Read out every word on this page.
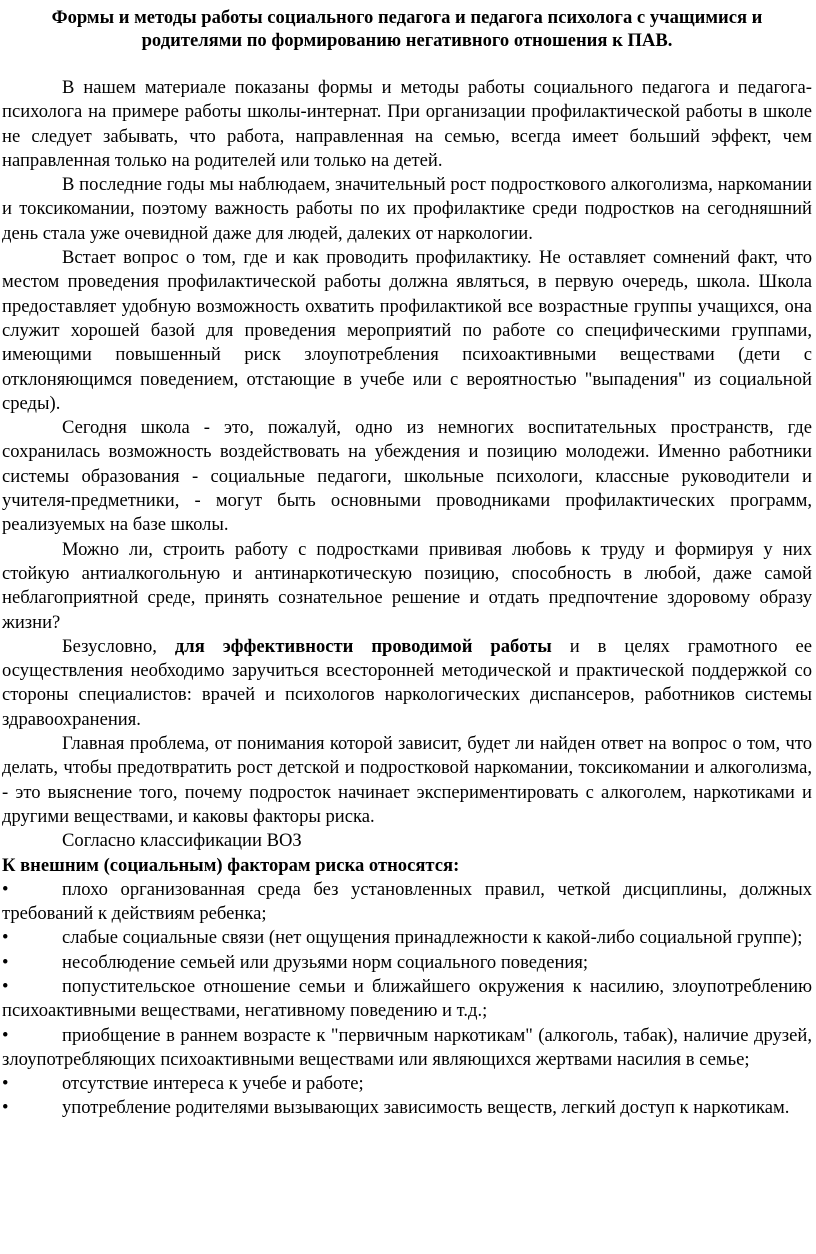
Формы и методы работы социального педагога и педагога психолога с учащимися и родителями по формированию негативного отношения к ПАВ.

В нашем материале показаны формы и методы работы социального педагога и педагога-психолога на примере работы школы-интернат. При организации профилактической работы в школе не следует забывать, что работа, направленная на семью, всегда имеет больший эффект, чем направленная только на родителей или только на детей.

В последние годы мы наблюдаем, значительный рост подросткового алкоголизма, наркомании и токсикомании, поэтому важность работы по их профилактике среди подростков на сегодняшний день стала уже очевидной даже для людей, далеких от наркологии.

Встает вопрос о том, где и как проводить профилактику. Не оставляет сомнений факт, что местом проведения профилактической работы должна являться, в первую очередь, школа. Школа предоставляет удобную возможность охватить профилактикой все возрастные группы учащихся, она служит хорошей базой для проведения мероприятий по работе со специфическими группами, имеющими повышенный риск злоупотребления психоактивными веществами (дети с отклоняющимся поведением, отстающие в учебе или с вероятностью "выпадения" из социальной среды).

Сегодня школа - это, пожалуй, одно из немногих воспитательных пространств, где сохранилась возможность воздействовать на убеждения и позицию молодежи. Именно работники системы образования - социальные педагоги, школьные психологи, классные руководители и учителя-предметники, - могут быть основными проводниками профилактических программ, реализуемых на базе школы.

Можно ли, строить работу с подростками прививая любовь к труду и формируя у них стойкую антиалкогольную и антинаркотическую позицию, способность в любой, даже самой неблагоприятной среде, принять сознательное решение и отдать предпочтение здоровому образу жизни?

Безусловно, для эффективности проводимой работы и в целях грамотного ее осуществления необходимо заручиться всесторонней методической и практической поддержкой со стороны специалистов: врачей и психологов наркологических диспансеров, работников системы здравоохранения.

Главная проблема, от понимания которой зависит, будет ли найден ответ на вопрос о том, что делать, чтобы предотвратить рост детской и подростковой наркомании, токсикомании и алкоголизма, - это выяснение того, почему подросток начинает экспериментировать с алкоголем, наркотиками и другими веществами, и каковы факторы риска.

Согласно классификации ВОЗ

К внешним (социальным) факторам риска относятся:

•	плохо организованная среда без установленных правил, четкой дисциплины, должных требований к действиям ребенка;

•	слабые социальные связи (нет ощущения принадлежности к какой-либо социальной группе);

•	несоблюдение семьей или друзьями норм социального поведения;

•	попустительское отношение семьи и ближайшего окружения к насилию, злоупотреблению психоактивными веществами, негативному поведению и т.д.;

•	приобщение в раннем возрасте к "первичным наркотикам" (алкоголь, табак), наличие друзей, злоупотребляющих психоактивными веществами или являющихся жертвами насилия в семье;

•	отсутствие интереса к учебе и работе;

•	употребление родителями вызывающих зависимость веществ, легкий доступ к наркотикам.
